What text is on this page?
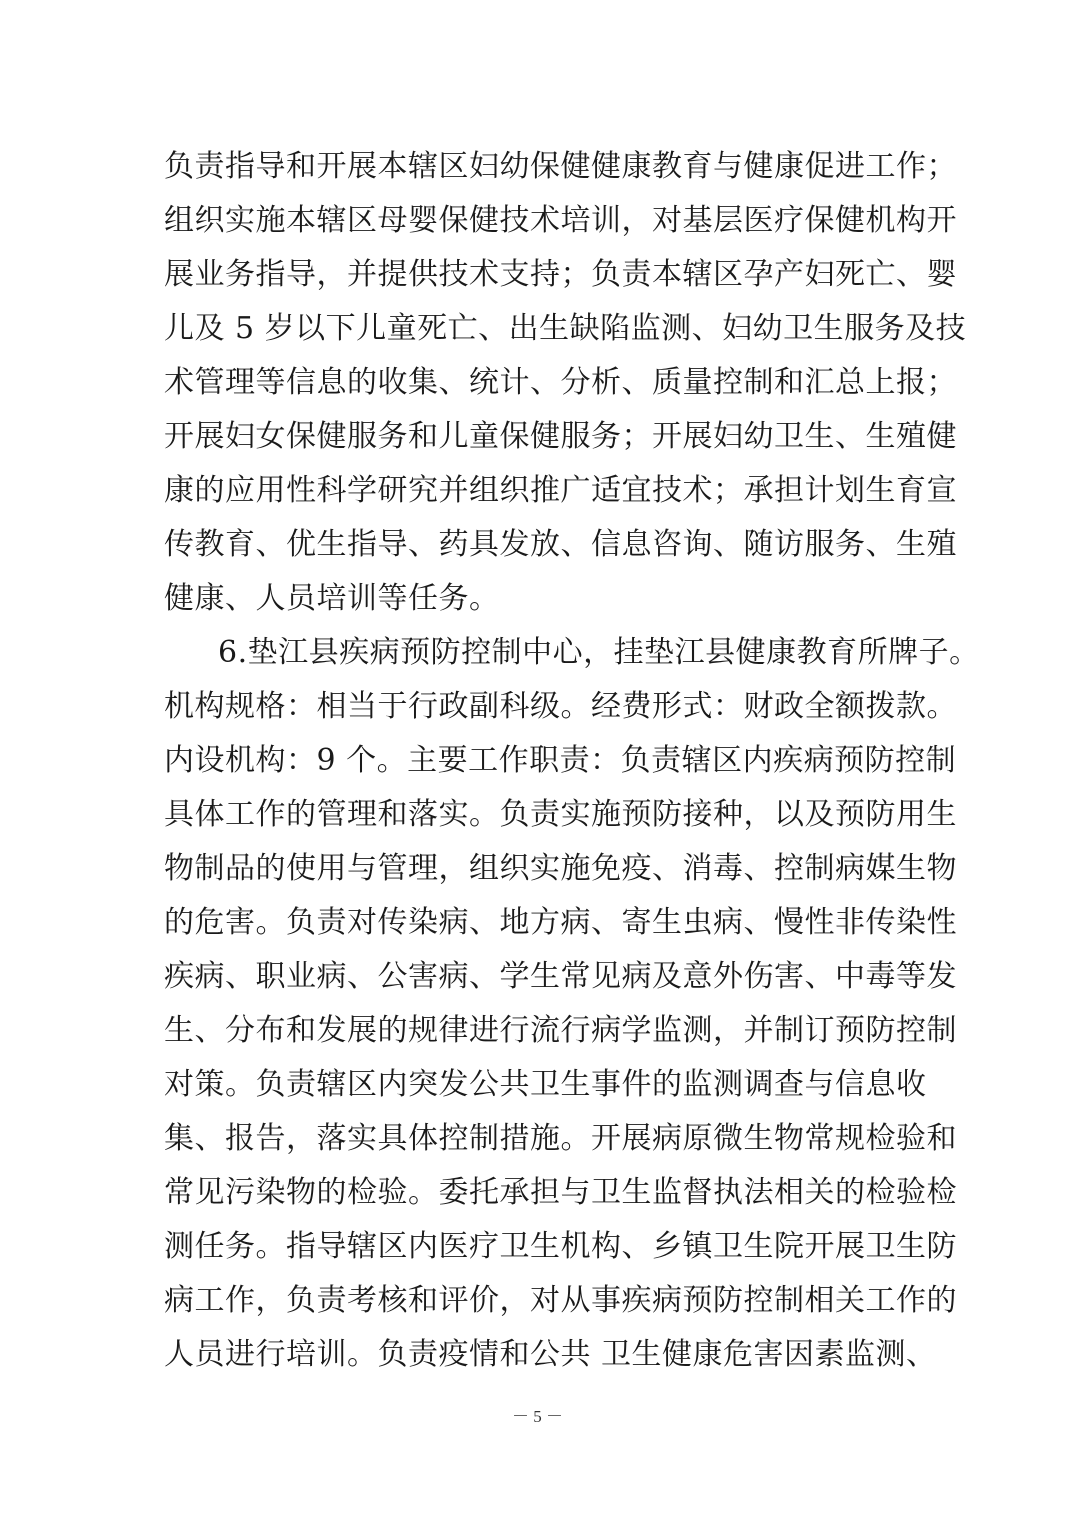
负责指导和开展本辖区妇幼保健健康教育与健康促进工作；
组织实施本辖区母婴保健技术培训，对基层医疗保健机构开
展业务指导，并提供技术支持；负责本辖区孕产妇死亡、婴
儿及 5 岁以下儿童死亡、出生缺陷监测、妇幼卫生服务及技
术管理等信息的收集、统计、分析、质量控制和汇总上报；
开展妇女保健服务和儿童保健服务；开展妇幼卫生、生殖健
康的应用性科学研究并组织推广适宜技术；承担计划生育宣
传教育、优生指导、药具发放、信息咨询、随访服务、生殖
健康、人员培训等任务。
6.垫江县疾病预防控制中心，挂垫江县健康教育所牌子。
机构规格：相当于行政副科级。经费形式：财政全额拨款。
内设机构：9 个。主要工作职责：负责辖区内疾病预防控制
具体工作的管理和落实。负责实施预防接种，以及预防用生
物制品的使用与管理，组织实施免疫、消毒、控制病媒生物
的危害。负责对传染病、地方病、寄生虫病、慢性非传染性
疾病、职业病、公害病、学生常见病及意外伤害、中毒等发
生、分布和发展的规律进行流行病学监测，并制订预防控制
对策。负责辖区内突发公共卫生事件的监测调查与信息收
集、报告，落实具体控制措施。开展病原微生物常规检验和
常见污染物的检验。委托承担与卫生监督执法相关的检验检
测任务。指导辖区内医疗卫生机构、乡镇卫生院开展卫生防
病工作，负责考核和评价，对从事疾病预防控制相关工作的
人员进行培训。负责疫情和公共 卫生健康危害因素监测、
－ 5 －
